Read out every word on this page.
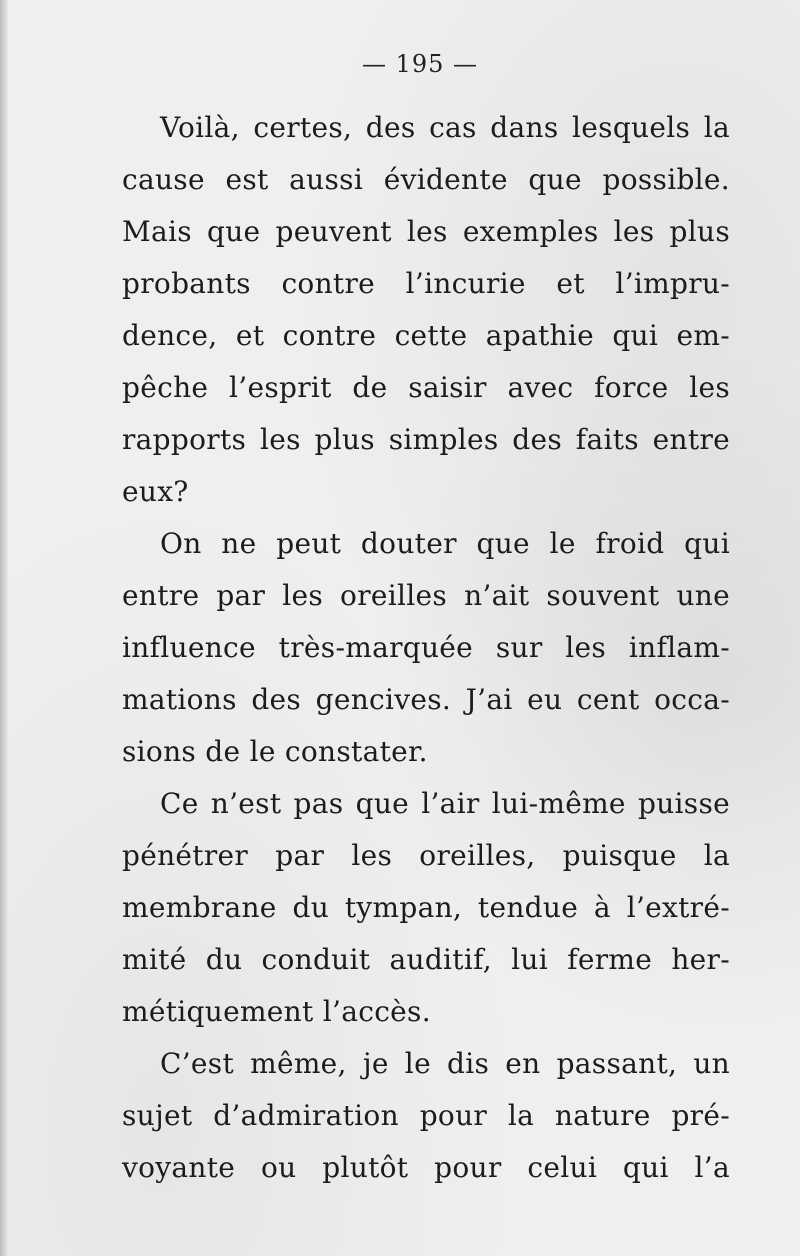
— 195 —
Voilà, certes, des cas dans lesquels la
cause est aussi évidente que possible.
Mais que peuvent les exemples les plus
probants contre l’incurie et l’impru-
dence, et contre cette apathie qui em-
pêche l’esprit de saisir avec force les
rapports les plus simples des faits entre
eux?
On ne peut douter que le froid qui
entre par les oreilles n’ait souvent une
influence très-marquée sur les inflam-
mations des gencives. J’ai eu cent occa-
sions de le constater.
Ce n’est pas que l’air lui-même puisse
pénétrer par les oreilles, puisque la
membrane du tympan, tendue à l’extré-
mité du conduit auditif, lui ferme her-
métiquement l’accès.
C’est même, je le dis en passant, un
sujet d’admiration pour la nature pré-
voyante ou plutôt pour celui qui l’a
